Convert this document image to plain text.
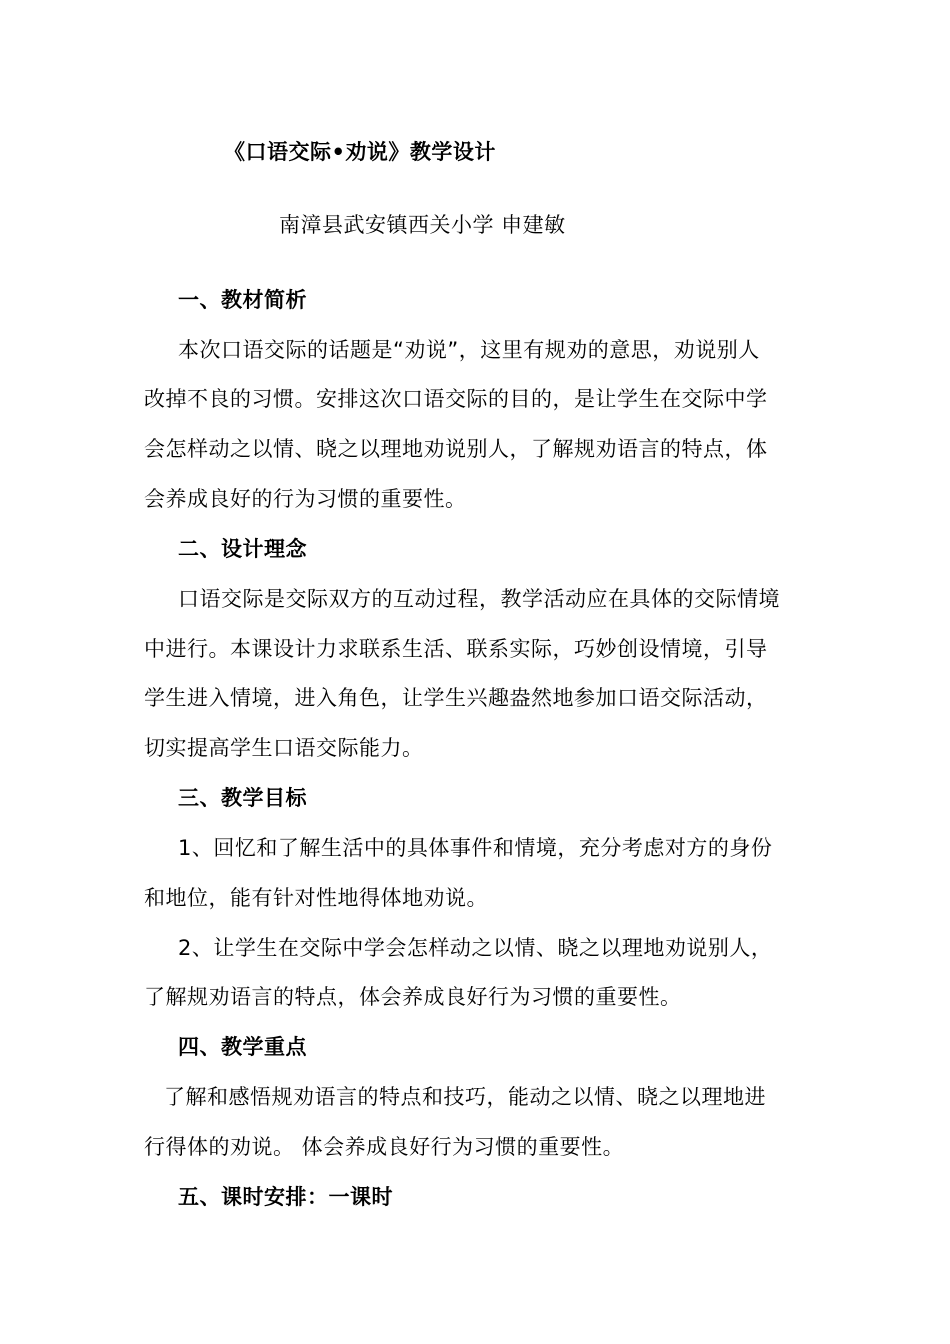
《口语交际•劝说》教学设计
南漳县武安镇西关小学 申建敏
一、教材简析
本次口语交际的话题是“劝说”，这里有规劝的意思，劝说别人
改掉不良的习惯。安排这次口语交际的目的，是让学生在交际中学
会怎样动之以情、晓之以理地劝说别人，了解规劝语言的特点，体
会养成良好的行为习惯的重要性。
二、设计理念
口语交际是交际双方的互动过程，教学活动应在具体的交际情境
中进行。本课设计力求联系生活、联系实际，巧妙创设情境，引导
学生进入情境，进入角色，让学生兴趣盎然地参加口语交际活动，
切实提高学生口语交际能力。
三、教学目标
1、回忆和了解生活中的具体事件和情境，充分考虑对方的身份
和地位，能有针对性地得体地劝说。
2、让学生在交际中学会怎样动之以情、晓之以理地劝说别人，
了解规劝语言的特点，体会养成良好行为习惯的重要性。
四、教学重点
了解和感悟规劝语言的特点和技巧，能动之以情、晓之以理地进
行得体的劝说。 体会养成良好行为习惯的重要性。
五、课时安排：一课时
